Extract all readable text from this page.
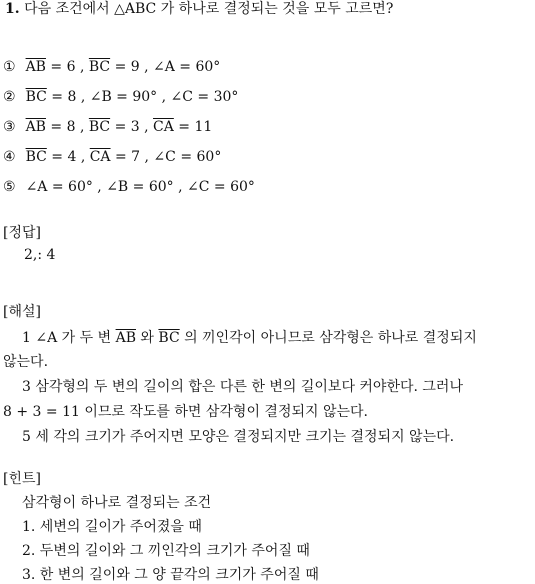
1. 다음 조건에서 △ABC 가 하나로 결정되는 것을 모두 고르면?
① $\overline{AB} = 6$ , $\overline{BC} = 9$ , ∠A = 60°
② $\overline{BC} = 8$ , ∠B = 90° , ∠C = 30°
③ $\overline{AB} = 8$ , $\overline{BC} = 3$ , $\overline{CA} = 11$
④ $\overline{BC} = 4$ , $\overline{CA} = 7$ , ∠C = 60°
⑤ ∠A = 60° , ∠B = 60° , ∠C = 60°
[정답]
2,: 4
[해설]
1 ∠A 가 두 변 $\overline{AB}$ 와 $\overline{BC}$ 의 끼인각이 아니므로 삼각형은 하나로 결정되지
않는다.
3 삼각형의 두 변의 길이의 합은 다른 한 변의 길이보다 커야한다. 그러나
8 + 3 = 11 이므로 작도를 하면 삼각형이 결정되지 않는다.
5 세 각의 크기가 주어지면 모양은 결정되지만 크기는 결정되지 않는다.
[힌트]
삼각형이 하나로 결정되는 조건
1. 세변의 길이가 주어졌을 때
2. 두변의 길이와 그 끼인각의 크기가 주어질 때
3. 한 변의 길이와 그 양 끝각의 크기가 주어질 때
